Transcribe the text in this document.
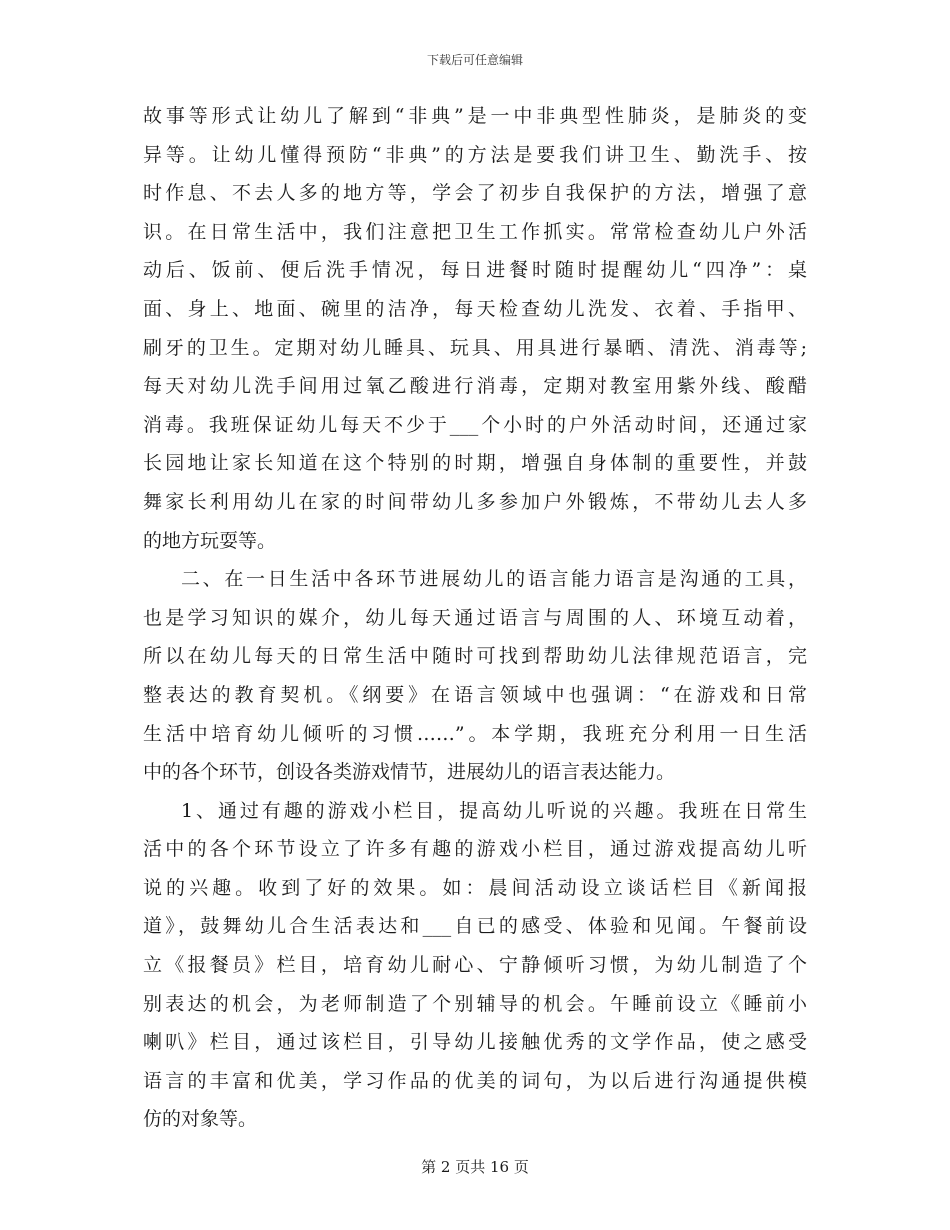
下载后可任意编辑
故事等形式让幼儿了解到“非典”是一中非典型性肺炎，是肺炎的变
异等。让幼儿懂得预防“非典”的方法是要我们讲卫生、勤洗手、按
时作息、不去人多的地方等，学会了初步自我保护的方法，增强了意
识。在日常生活中，我们注意把卫生工作抓实。常常检查幼儿户外活
动后、饭前、便后洗手情况，每日进餐时随时提醒幼儿“四净”：桌
面、身上、地面、碗里的洁净，每天检查幼儿洗发、衣着、手指甲、
刷牙的卫生。定期对幼儿睡具、玩具、用具进行暴晒、清洗、消毒等;
每天对幼儿洗手间用过氧乙酸进行消毒，定期对教室用紫外线、酸醋
消毒。我班保证幼儿每天不少于___个小时的户外活动时间，还通过家
长园地让家长知道在这个特别的时期，增强自身体制的重要性，并鼓
舞家长利用幼儿在家的时间带幼儿多参加户外锻炼，不带幼儿去人多
的地方玩耍等。
二、在一日生活中各环节进展幼儿的语言能力语言是沟通的工具，
也是学习知识的媒介，幼儿每天通过语言与周围的人、环境互动着，
所以在幼儿每天的日常生活中随时可找到帮助幼儿法律规范语言，完
整表达的教育契机。《纲要》在语言领域中也强调：“在游戏和日常
生活中培育幼儿倾听的习惯……”。本学期，我班充分利用一日生活
中的各个环节，创设各类游戏情节，进展幼儿的语言表达能力。
1、通过有趣的游戏小栏目，提高幼儿听说的兴趣。我班在日常生
活中的各个环节设立了许多有趣的游戏小栏目，通过游戏提高幼儿听
说的兴趣。收到了好的效果。如：晨间活动设立谈话栏目《新闻报
道》，鼓舞幼儿合生活表达和___自已的感受、体验和见闻。午餐前设
立《报餐员》栏目，培育幼儿耐心、宁静倾听习惯，为幼儿制造了个
别表达的机会，为老师制造了个别辅导的机会。午睡前设立《睡前小
喇叭》栏目，通过该栏目，引导幼儿接触优秀的文学作品，使之感受
语言的丰富和优美，学习作品的优美的词句，为以后进行沟通提供模
仿的对象等。
第 2 页共 16 页
